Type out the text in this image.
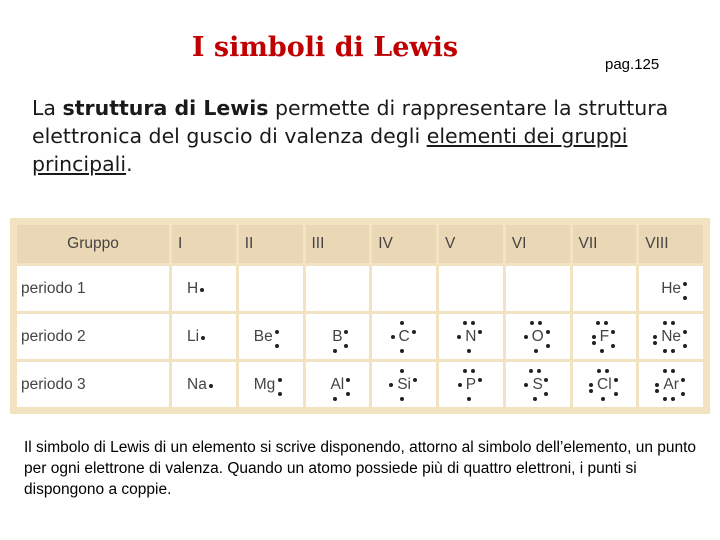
I simboli di Lewis
pag.125
La struttura di Lewis permette di rappresentare la struttura elettronica del guscio di valenza degli elementi dei gruppi principali.
Gruppo	I	II	III	IV	V	VI	VII	VIII
periodo 1	H							He

periodo 2	Li	Be	B	C	N	O	F	Ne

periodo 3	Na	Mg	Al	Si	P	S	Cl	Ar
Il simbolo di Lewis di un elemento si scrive disponendo, attorno al simbolo dell’elemento, un punto per ogni elettrone di valenza. Quando un atomo possiede più di quattro elettroni, i punti si dispongono a coppie.
